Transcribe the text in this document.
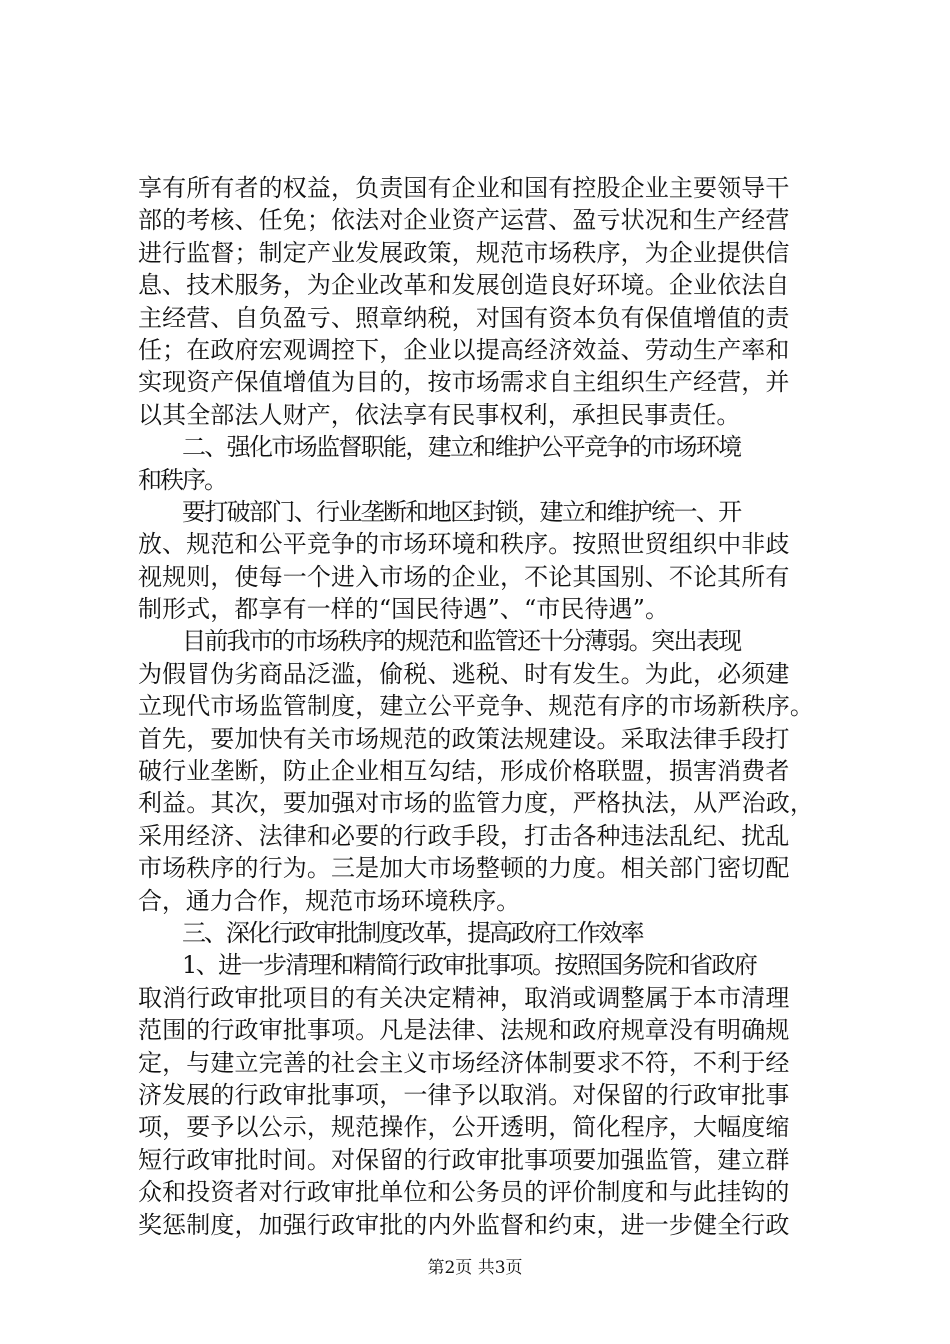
享有所有者的权益，负责国有企业和国有控股企业主要领导干
部的考核、任免；依法对企业资产运营、盈亏状况和生产经营
进行监督；制定产业发展政策，规范市场秩序，为企业提供信
息、技术服务，为企业改革和发展创造良好环境。企业依法自
主经营、自负盈亏、照章纳税，对国有资本负有保值增值的责
任；在政府宏观调控下，企业以提高经济效益、劳动生产率和
实现资产保值增值为目的，按市场需求自主组织生产经营，并
以其全部法人财产，依法享有民事权利，承担民事责任。
二、强化市场监督职能，建立和维护公平竞争的市场环境
和秩序。
要打破部门、行业垄断和地区封锁，建立和维护统一、开
放、规范和公平竞争的市场环境和秩序。按照世贸组织中非歧
视规则，使每一个进入市场的企业，不论其国别、不论其所有
制形式，都享有一样的“国民待遇”、“市民待遇”。
目前我市的市场秩序的规范和监管还十分薄弱。突出表现
为假冒伪劣商品泛滥，偷税、逃税、时有发生。为此，必须建
立现代市场监管制度，建立公平竞争、规范有序的市场新秩序。
首先，要加快有关市场规范的政策法规建设。采取法律手段打
破行业垄断，防止企业相互勾结，形成价格联盟，损害消费者
利益。其次，要加强对市场的监管力度，严格执法，从严治政，
采用经济、法律和必要的行政手段，打击各种违法乱纪、扰乱
市场秩序的行为。三是加大市场整顿的力度。相关部门密切配
合，通力合作，规范市场环境秩序。
三、深化行政审批制度改革，提高政府工作效率
1、进一步清理和精简行政审批事项。按照国务院和省政府
取消行政审批项目的有关决定精神，取消或调整属于本市清理
范围的行政审批事项。凡是法律、法规和政府规章没有明确规
定，与建立完善的社会主义市场经济体制要求不符，不利于经
济发展的行政审批事项，一律予以取消。对保留的行政审批事
项，要予以公示，规范操作，公开透明，简化程序，大幅度缩
短行政审批时间。对保留的行政审批事项要加强监管，建立群
众和投资者对行政审批单位和公务员的评价制度和与此挂钩的
奖惩制度，加强行政审批的内外监督和约束，进一步健全行政
第2页 共3页
